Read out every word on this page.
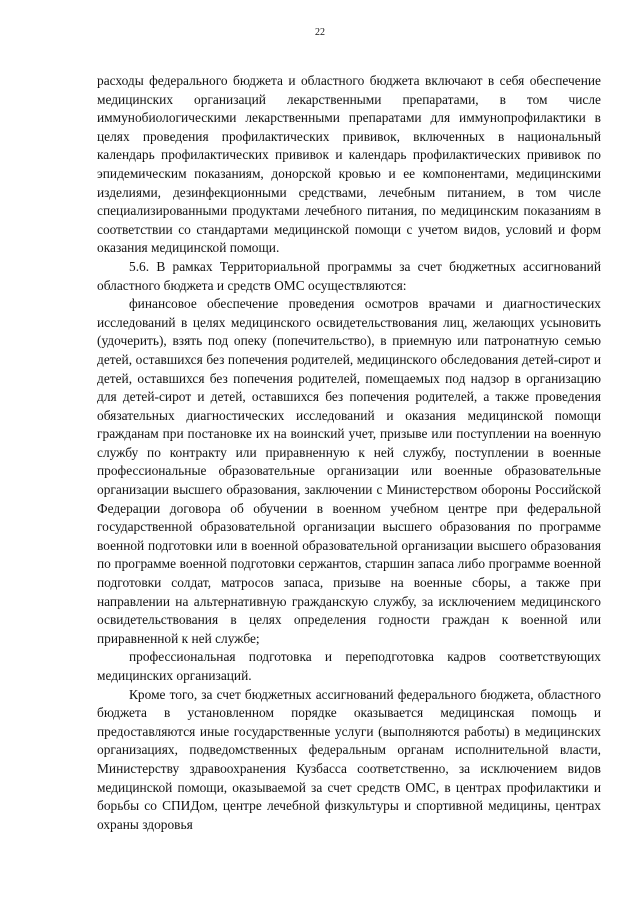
22

расходы федерального бюджета и областного бюджета включают в себя обеспечение медицинских организаций лекарственными препаратами, в том числе иммунобиологическими лекарственными препаратами для иммунопрофилактики в целях проведения профилактических прививок, включенных в национальный календарь профилактических прививок и календарь профилактических прививок по эпидемическим показаниям, донорской кровью и ее компонентами, медицинскими изделиями, дезинфекционными средствами, лечебным питанием, в том числе специализированными продуктами лечебного питания, по медицинским показаниям в соответствии со стандартами медицинской помощи с учетом видов, условий и форм оказания медицинской помощи.

5.6. В рамках Территориальной программы за счет бюджетных ассигнований областного бюджета и средств ОМС осуществляются:

финансовое обеспечение проведения осмотров врачами и диагностических исследований в целях медицинского освидетельствования лиц, желающих усыновить (удочерить), взять под опеку (попечительство), в приемную или патронатную семью детей, оставшихся без попечения родителей, медицинского обследования детей-сирот и детей, оставшихся без попечения родителей, помещаемых под надзор в организацию для детей-сирот и детей, оставшихся без попечения родителей, а также проведения обязательных диагностических исследований и оказания медицинской помощи гражданам при постановке их на воинский учет, призыве или поступлении на военную службу по контракту или приравненную к ней службу, поступлении в военные профессиональные образовательные организации или военные образовательные организации высшего образования, заключении с Министерством обороны Российской Федерации договора об обучении в военном учебном центре при федеральной государственной образовательной организации высшего образования по программе военной подготовки или в военной образовательной организации высшего образования по программе военной подготовки сержантов, старшин запаса либо программе военной подготовки солдат, матросов запаса, призыве на военные сборы, а также при направлении на альтернативную гражданскую службу, за исключением медицинского освидетельствования в целях определения годности граждан к военной или приравненной к ней службе;

профессиональная подготовка и переподготовка кадров соответствующих медицинских организаций.

Кроме того, за счет бюджетных ассигнований федерального бюджета, областного бюджета в установленном порядке оказывается медицинская помощь и предоставляются иные государственные услуги (выполняются работы) в медицинских организациях, подведомственных федеральным органам исполнительной власти, Министерству здравоохранения Кузбасса соответственно, за исключением видов медицинской помощи, оказываемой за счет средств ОМС, в центрах профилактики и борьбы со СПИДом, центре лечебной физкультуры и спортивной медицины, центрах охраны здоровья
